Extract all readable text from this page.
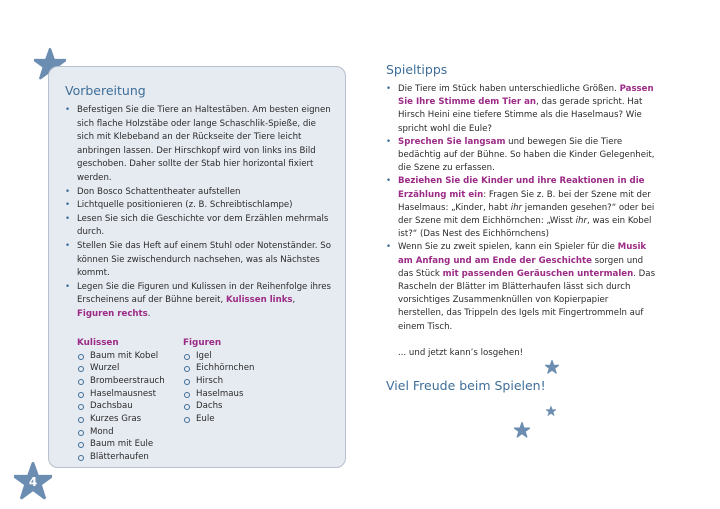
4
Vorbereitung
• Befestigen Sie die Tiere an Haltestäben. Am besten eignen sich flache Holzstäbe oder lange Schaschlik-Spieße, die sich mit Klebeband an der Rückseite der Tiere leicht anbringen lassen. Der Hirschkopf wird von links ins Bild geschoben. Daher sollte der Stab hier horizontal fixiert werden.
• Don Bosco Schattentheater aufstellen
• Lichtquelle positionieren (z. B. Schreibtischlampe)
• Lesen Sie sich die Geschichte vor dem Erzählen mehrmals durch.
• Stellen Sie das Heft auf einem Stuhl oder Notenständer. So können Sie zwischendurch nachsehen, was als Nächstes kommt.
• Legen Sie die Figuren und Kulissen in der Reihenfolge ihres Erscheinens auf der Bühne bereit, Kulissen links, Figuren rechts.
Kulissen
Baum mit Kobel
Wurzel
Brombeerstrauch
Haselmausnest
Dachsbau
Kurzes Gras
Mond
Baum mit Eule
Blätterhaufen
Figuren
Igel
Eichhörnchen
Hirsch
Haselmaus
Dachs
Eule
Spieltipps
• Die Tiere im Stück haben unterschiedliche Größen. Passen Sie Ihre Stimme dem Tier an, das gerade spricht. Hat Hirsch Heini eine tiefere Stimme als die Haselmaus? Wie spricht wohl die Eule?
• Sprechen Sie langsam und bewegen Sie die Tiere bedächtig auf der Bühne. So haben die Kinder Gelegenheit, die Szene zu erfassen.
• Beziehen Sie die Kinder und ihre Reaktionen in die Erzählung mit ein: Fragen Sie z. B. bei der Szene mit der Haselmaus: „Kinder, habt ihr jemanden gesehen?“ oder bei der Szene mit dem Eichhörnchen: „Wisst ihr, was ein Kobel ist?“ (Das Nest des Eichhörnchens)
• Wenn Sie zu zweit spielen, kann ein Spieler für die Musik am Anfang und am Ende der Geschichte sorgen und das Stück mit passenden Geräuschen untermalen. Das Rascheln der Blätter im Blätterhaufen lässt sich durch vorsichtiges Zusammenknüllen von Kopierpapier herstellen, das Trippeln des Igels mit Fingertrommeln auf einem Tisch.

... und jetzt kann’s losgehen!

Viel Freude beim Spielen!
